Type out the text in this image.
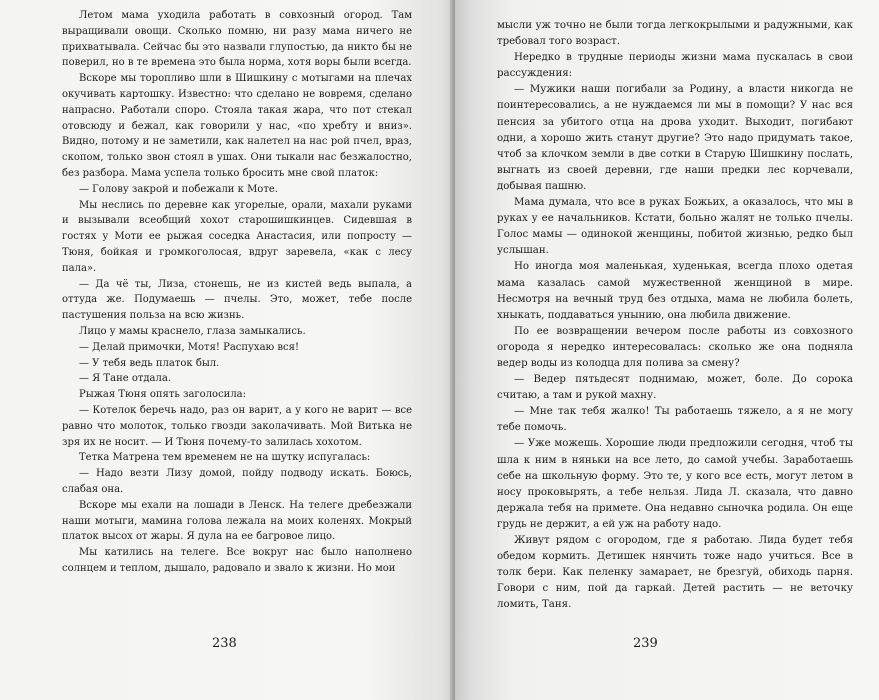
Летом мама уходила работать в совхозный огород. Там выращивали овощи. Сколько помню, ни разу мама ничего не прихватывала. Сейчас бы это назвали глупостью, да никто бы не поверил, но в те времена это была норма, хотя воры были всегда.

Вскоре мы торопливо шли в Шишкину с мотыгами на плечах окучивать картошку. Известно: что сделано не вовремя, сделано напрасно. Работали споро. Стояла такая жара, что пот стекал отовсюду и бежал, как говорили у нас, «по хребту и вниз». Видно, потому и не заметили, как налетел на нас рой пчел, враз, скопом, только звон стоял в ушах. Они тыкали нас безжалостно, без разбора. Мама успела только бросить мне свой платок:

— Голову закрой и побежали к Моте.

Мы неслись по деревне как угорелые, орали, махали руками и вызывали всеобщий хохот старошишкинцев. Сидевшая в гостях у Моти ее рыжая соседка Анастасия, или попросту — Тюня, бойкая и громкоголосая, вдруг заревела, «как с лесу пала».

— Да чё ты, Лиза, стонешь, не из кистей ведь выпала, а оттуда же. Подумаешь — пчелы. Это, может, тебе после пастушения польза на всю жизнь.

Лицо у мамы краснело, глаза замыкались.

— Делай примочки, Мотя! Распухаю вся!

— У тебя ведь платок был.

— Я Тане отдала.

Рыжая Тюня опять заголосила:

— Котелок беречь надо, раз он варит, а у кого не варит — все равно что молоток, только гвозди заколачивать. Мой Витька не зря их не носит. — И Тюня почему-то залилась хохотом.

Тетка Матрена тем временем не на шутку испугалась:

— Надо везти Лизу домой, пойду подводу искать. Боюсь, слабая она.

Вскоре мы ехали на лошади в Ленск. На телеге дребезжали наши мотыги, мамина голова лежала на моих коленях. Мокрый платок высох от жары. Я дула на ее багровое лицо.

Мы катились на телеге. Все вокруг нас было наполнено солнцем и теплом, дышало, радовало и звало к жизни. Но мои

238

мысли уж точно не были тогда легкокрылыми и радужными, как требовал того возраст.

Нередко в трудные периоды жизни мама пускалась в свои рассуждения:

— Мужики наши погибали за Родину, а власти никогда не поинтересовались, а не нуждаемся ли мы в помощи? У нас вся пенсия за убитого отца на дрова уходит. Выходит, погибают одни, а хорошо жить станут другие? Это надо придумать такое, чтоб за клочком земли в две сотки в Старую Шишкину послать, выгнать из своей деревни, где наши предки лес корчевали, добывая пашню.

Мама думала, что все в руках Божьих, а оказалось, что мы в руках у ее начальников. Кстати, больно жалят не только пчелы. Голос мамы — одинокой женщины, побитой жизнью, редко был услышан.

Но иногда моя маленькая, худенькая, всегда плохо одетая мама казалась самой мужественной женщиной в мире. Несмотря на вечный труд без отдыха, мама не любила болеть, хныкать, поддаваться унынию, она любила движение.

По ее возвращении вечером после работы из совхозного огорода я нередко интересовалась: сколько же она подняла ведер воды из колодца для полива за смену?

— Ведер пятьдесят поднимаю, может, боле. До сорока считаю, а там и рукой махну.

— Мне так тебя жалко! Ты работаешь тяжело, а я не могу тебе помочь.

— Уже можешь. Хорошие люди предложили сегодня, чтоб ты шла к ним в няньки на все лето, до самой учебы. Заработаешь себе на школьную форму. Это те, у кого все есть, могут летом в носу проковырять, а тебе нельзя. Лида Л. сказала, что давно держала тебя на примете. Она недавно сыночка родила. Он еще грудь не держит, а ей уж на работу надо.

Живут рядом с огородом, где я работаю. Лида будет тебя обедом кормить. Детишек нянчить тоже надо учиться. Все в толк бери. Как пеленку замарает, не брезгуй, обиходь парня. Говори с ним, пой да гаркай. Детей растить — не веточку ломить, Таня.

239
